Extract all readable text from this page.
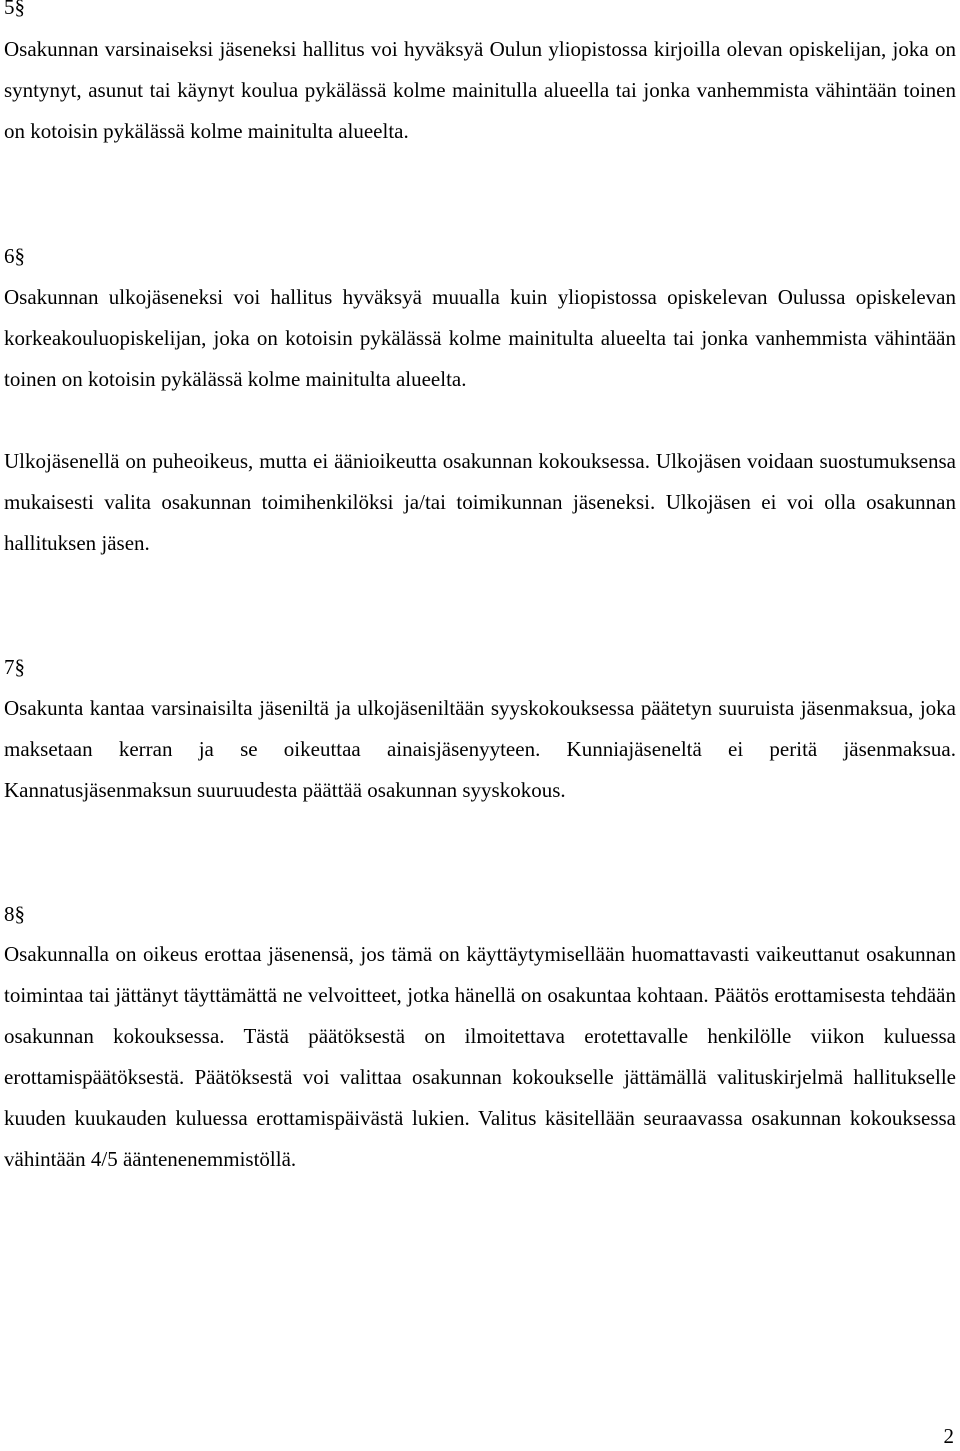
5§

Osakunnan varsinaiseksi jäseneksi hallitus voi hyväksyä Oulun yliopistossa kirjoilla olevan opiskelijan, joka on syntynyt, asunut tai käynyt koulua pykälässä kolme mainitulla alueella tai jonka vanhemmista vähintään toinen on kotoisin pykälässä kolme mainitulta alueelta.

6§

Osakunnan ulkojäseneksi voi hallitus hyväksyä muualla kuin yliopistossa opiskelevan Oulussa opiskelevan korkeakouluopiskelijan, joka on kotoisin pykälässä kolme mainitulta alueelta tai jonka vanhemmista vähintään toinen on kotoisin pykälässä kolme mainitulta alueelta.

Ulkojäsenellä on puheoikeus, mutta ei äänioikeutta osakunnan kokouksessa. Ulkojäsen voidaan suostumuksensa mukaisesti valita osakunnan toimihenkilöksi ja/tai toimikunnan jäseneksi. Ulkojäsen ei voi olla osakunnan hallituksen jäsen.

7§

Osakunta kantaa varsinaisilta jäseniltä ja ulkojäseniltään syyskokouksessa päätetyn suuruista jäsenmaksua, joka maksetaan kerran ja se oikeuttaa ainaisjäsenyyteen. Kunniajäseneltä ei peritä jäsenmaksua. Kannatusjäsenmaksun suuruudesta päättää osakunnan syyskokous.

8§

Osakunnalla on oikeus erottaa jäsenensä, jos tämä on käyttäytymisellään huomattavasti vaikeuttanut osakunnan toimintaa tai jättänyt täyttämättä ne velvoitteet, jotka hänellä on osakuntaa kohtaan. Päätös erottamisesta tehdään osakunnan kokouksessa. Tästä päätöksestä on ilmoitettava erotettavalle henkilölle viikon kuluessa erottamispäätöksestä. Päätöksestä voi valittaa osakunnan kokoukselle jättämällä valituskirjelmä hallitukselle kuuden kuukauden kuluessa erottamispäivästä lukien. Valitus käsitellään seuraavassa osakunnan kokouksessa vähintään 4/5 ääntenenemmistöllä.

2
